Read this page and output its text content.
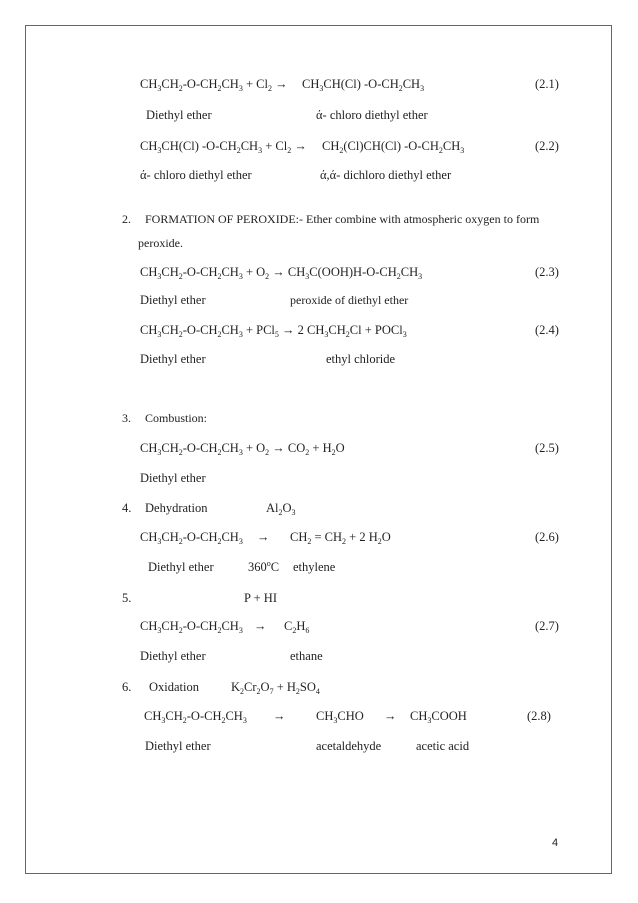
$CH_3CH_2-O-CH_2CH_3 + Cl_2 \to CH_3CH(Cl)$ $-O-CH_2CH_3$	(2.1)
Diethyl ether	ά- chloro diethyl ether
$CH_3CH(Cl) -O-CH_2CH_3 + Cl_2 \to CH_2(Cl)CH(Cl)$ $-O-CH_2CH_3$	(2.2)
ά- chloro diethyl ether	ά,ά- dichloro diethyl ether
2. FORMATION OF PEROXIDE:- Ether combine with atmospheric oxygen to form
peroxide.
$CH_3CH_2-O-CH_2CH_3 + O_2 \to CH_3C(OOH)H-O-CH_2CH_3$	(2.3)
Diethyl ether	peroxide of diethyl ether
$CH_3CH_2-O-CH_2CH_3 + PCl_5 \to 2$ $CH_3CH_2Cl$ + POCl$_3$	(2.4)
Diethyl ether	ethyl chloride
3. Combustion:
$CH_3CH_2-O-CH_2CH_3 + O_2 \to CO_2 + H_2O$	(2.5)
Diethyl ether
4. Dehydration	$Al_2O_3$
$CH_3CH_2-O-CH_2CH_3 \to CH_2 = CH_2 + 2$ $H_2O$	(2.6)
Diethyl ether	360$^o$C ethylene
5.	P + HI
$CH_3CH_2-O-CH_2CH_3 \to C_2H_6$	(2.7)
Diethyl ether	ethane
6. Oxidation	$K_2Cr_2O_7 + H_2SO_4$
$CH_3CH_2-O-CH_2CH_3 \to CH_3CHO$ → $CH_3COOH$	(2.8)
Diethyl ether	acetaldehyde	acetic acid
4
